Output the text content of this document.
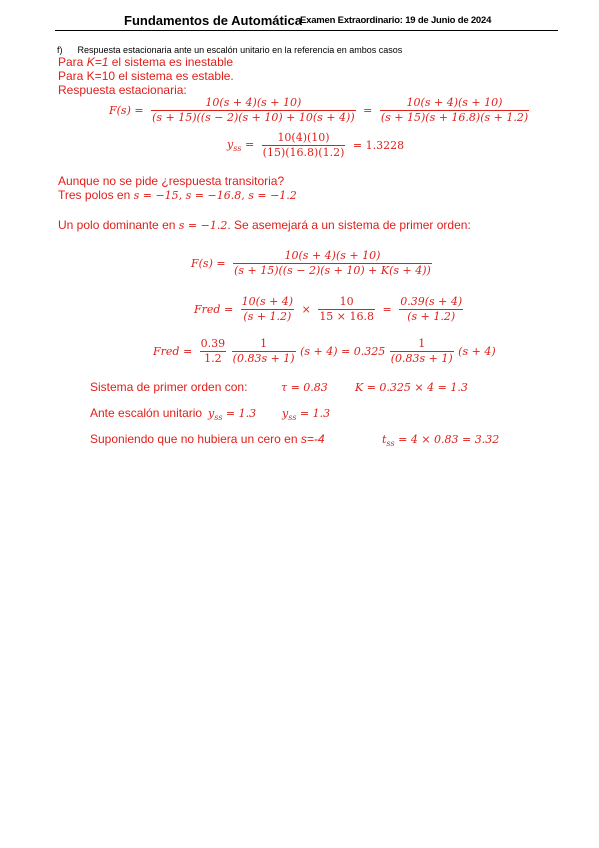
Fundamentos de Automática
Examen Extraordinario: 19 de Junio de 2024
f) Respuesta estacionaria ante un escalón unitario en la referencia en ambos casos
Para K=1 el sistema es inestable
Para K=10 el sistema es estable.
Respuesta estacionaria:
$F(s) = \frac{10(s + 4)(s + 10)}{(s + 15)((s - 2)(s + 10) + 10(s + 4))} = \frac{10(s + 4)(s + 10)}{(s + 15)(s + 16.8)(s + 1.2)}$
$y_{ss} = \frac{10(4)(10)}{(15)(16.8)(1.2)} = 1.3228$
Aunque no se pide ¿respuesta transitoria?
Tres polos en s = −15, s = −16.8, s = −1.2
Un polo dominante en s = −1.2. Se asemejará a un sistema de primer orden:
$F(s) = \frac{10(s + 4)(s + 10)}{(s + 15)((s - 2)(s + 10) + K(s + 4))}$
Fred = $\frac{10(s + 4)}{(s + 1.2)} \times \frac{10}{15 \times 16.8} = \frac{0.39(s + 4)}{(s + 1.2)}$
Fred = $\frac{0.39}{1.2}$
$\frac{1}{(0.83s + 1)} (s + 4) = 0.325 \frac{1}{(0.83s + 1)} (s + 4)$
Sistema de primer orden con:	τ = 0.83 K = 0.325 × 4 = 1.3
Ante escalón unitario $y_{ss} = 1.3$ $y_{ss} = 1.3$
Suponiendo que no hubiera un cero en s=-4	$t_{ss} = 4 \times 0.83 = 3.32$
